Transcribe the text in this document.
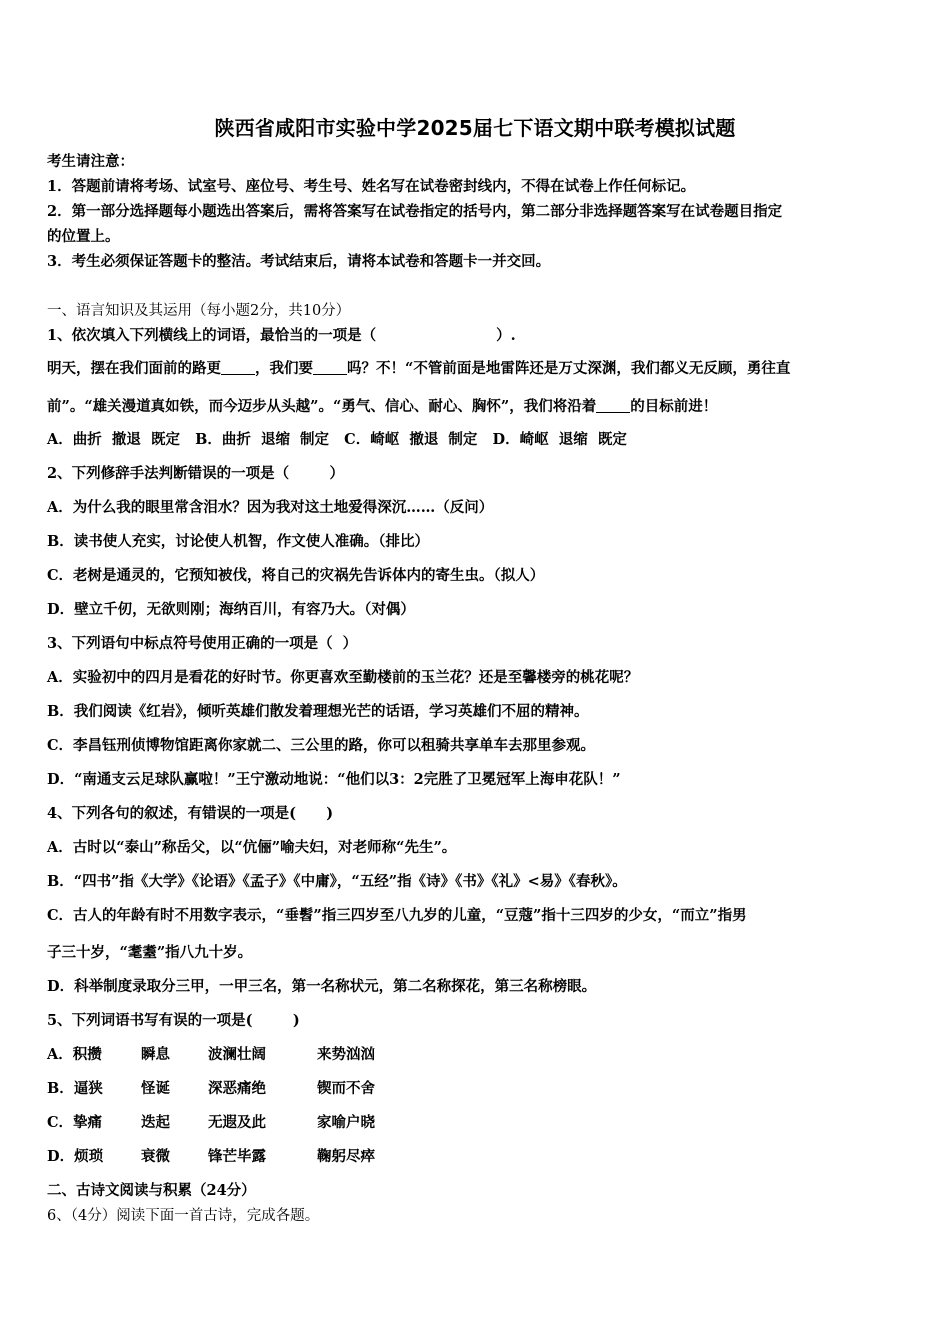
陕西省咸阳市实验中学2025届七下语文期中联考模拟试题
考生请注意：
1．答题前请将考场、试室号、座位号、考生号、姓名写在试卷密封线内，不得在试卷上作任何标记。
2．第一部分选择题每小题选出答案后，需将答案写在试卷指定的括号内，第二部分非选择题答案写在试卷题目指定
的位置上。
3．考生必须保证答题卡的整洁。考试结束后，请将本试卷和答题卡一并交回。
一、语言知识及其运用（每小题2分，共10分）
1、依次填入下列横线上的词语，最恰当的一项是（	）.
明天，摆在我们面前的路更 ，我们要 吗？不！“不管前面是地雷阵还是万丈深渊，我们都义无反顾，勇往直
前”。“雄关漫道真如铁，而今迈步从头越”。“勇气、信心、耐心、胸怀”，我们将沿着 的目标前进！
A．曲折  撤退  既定   B．曲折  退缩  制定   C．崎岖  撤退  制定   D．崎岖  退缩  既定
2、下列修辞手法判断错误的一项是（        ）
A．为什么我的眼里常含泪水？因为我对这土地爱得深沉……（反问）
B．读书使人充实，讨论使人机智，作文使人准确。（排比）
C．老树是通灵的，它预知被伐，将自己的灾祸先告诉体内的寄生虫。（拟人）
D．壁立千仞，无欲则刚；海纳百川，有容乃大。（对偶）
3、下列语句中标点符号使用正确的一项是（  ）
A．实验初中的四月是看花的好时节。你更喜欢至勤楼前的玉兰花？还是至馨楼旁的桃花呢？
B．我们阅读《红岩》，倾听英雄们散发着理想光芒的话语，学习英雄们不屈的精神。
C．李昌钰刑侦博物馆距离你家就二、三公里的路，你可以租骑共享单车去那里参观。
D．“南通支云足球队赢啦！”王宁激动地说：“他们以3：2完胜了卫冕冠军上海申花队！”
4、下列各句的叙述，有错误的一项是(      )
A．古时以“泰山”称岳父，以“伉俪”喻夫妇，对老师称“先生”。
B．“四书”指《大学》《论语》《孟子》《中庸》，“五经”指《诗》《书》《礼》<易》《春秋》。
C．古人的年龄有时不用数字表示，“垂髫”指三四岁至八九岁的儿童，“豆蔻”指十三四岁的少女，“而立”指男
子三十岁，“耄耋”指八九十岁。
D．科举制度录取分三甲，一甲三名，第一名称状元，第二名称探花，第三名称榜眼。
5、下列词语书写有误的一项是(        )
A．积攒	瞬息	波澜壮阔	来势汹汹
B．逼狭	怪诞	深恶痛绝	锲而不舍
C．挚痛	迭起	无遐及此	家喻户晓
D．烦琐	衰微	锋芒毕露	鞠躬尽瘁
二、古诗文阅读与积累（24分）
6、（4分）阅读下面一首古诗，完成各题。
